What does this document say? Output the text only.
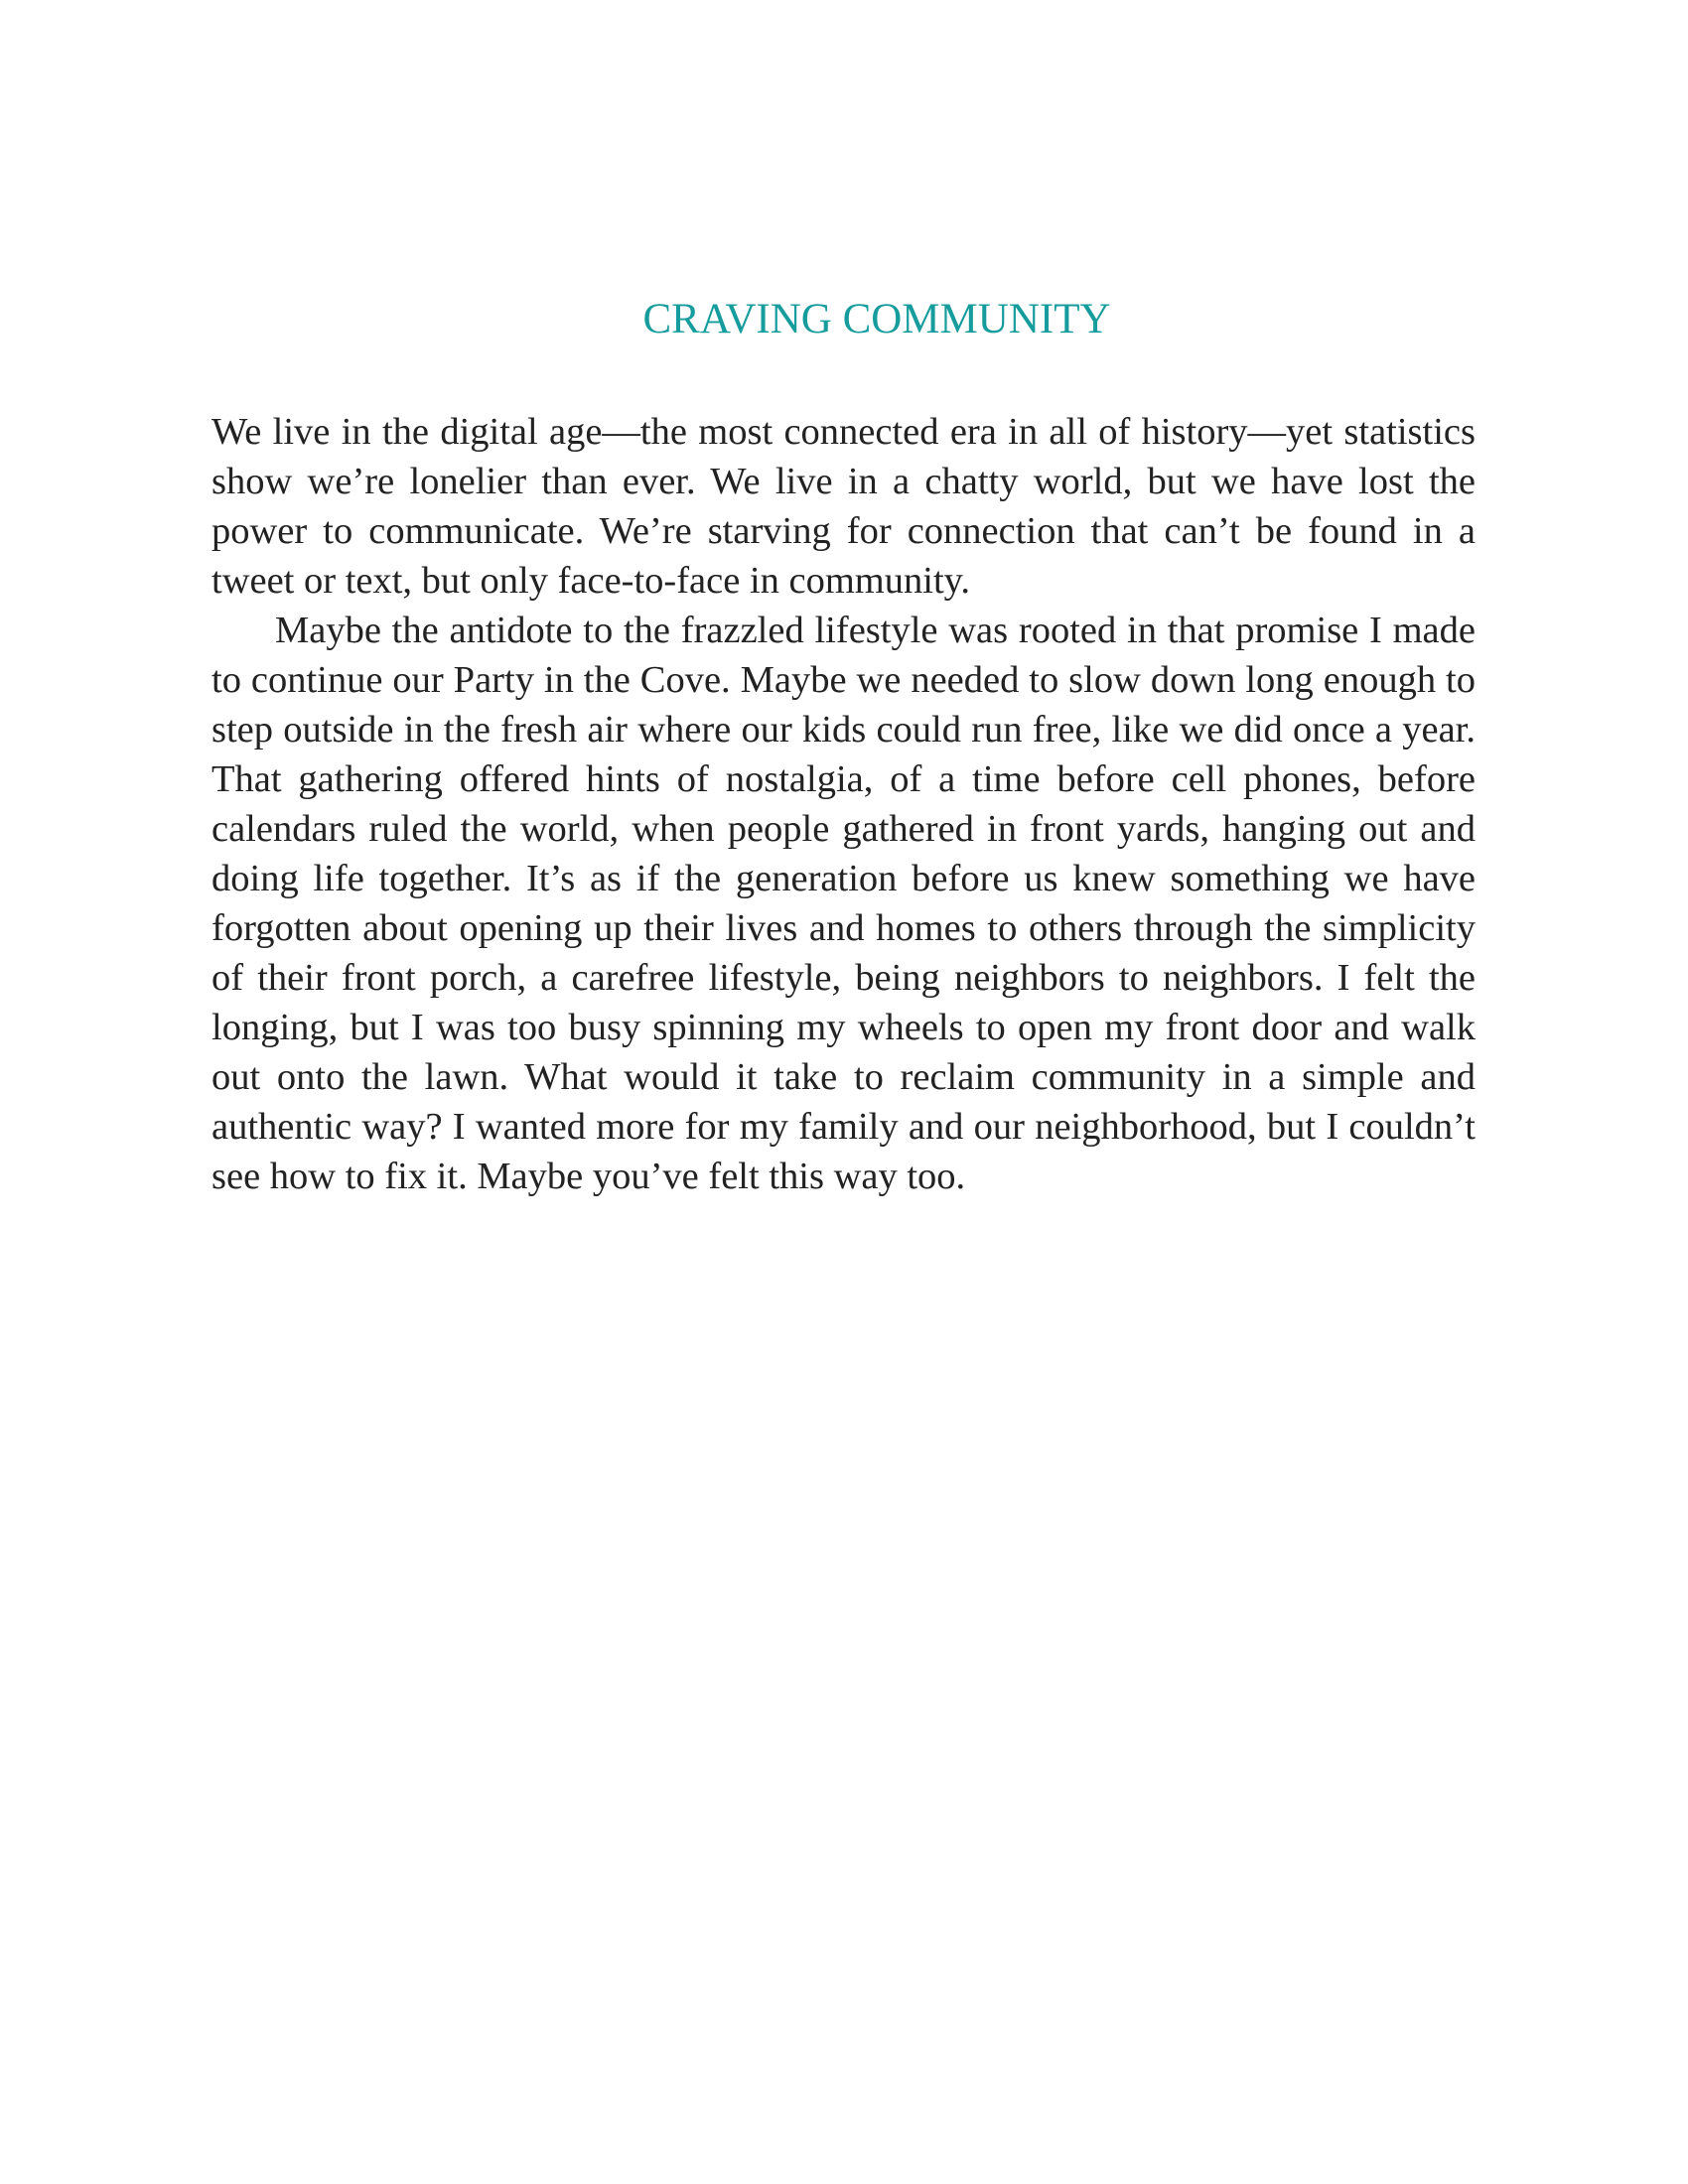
CRAVING COMMUNITY

We live in the digital age—the most connected era in all of history—yet statistics show we’re lonelier than ever. We live in a chatty world, but we have lost the power to communicate. We’re starving for connection that can’t be found in a tweet or text, but only face-to-face in community.

Maybe the antidote to the frazzled lifestyle was rooted in that promise I made to continue our Party in the Cove. Maybe we needed to slow down long enough to step outside in the fresh air where our kids could run free, like we did once a year. That gathering offered hints of nostalgia, of a time before cell phones, before calendars ruled the world, when people gathered in front yards, hanging out and doing life together. It’s as if the generation before us knew something we have forgotten about opening up their lives and homes to others through the simplicity of their front porch, a carefree lifestyle, being neighbors to neighbors. I felt the longing, but I was too busy spinning my wheels to open my front door and walk out onto the lawn. What would it take to reclaim community in a simple and authentic way? I wanted more for my family and our neighborhood, but I couldn’t see how to fix it. Maybe you’ve felt this way too.
